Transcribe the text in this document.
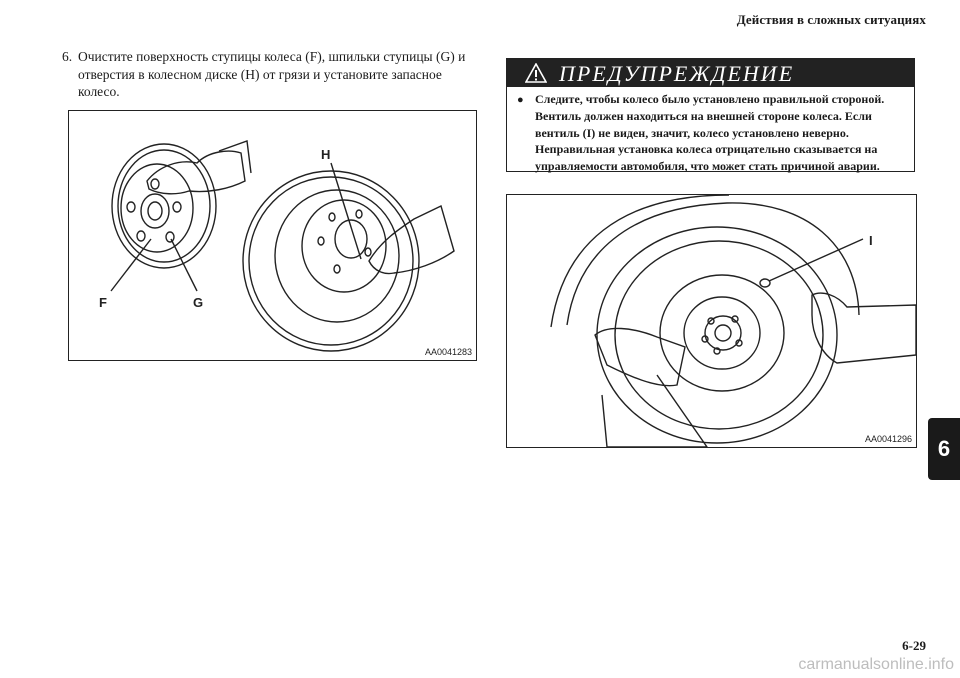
Действия в сложных ситуациях
6. Очистите поверхность ступицы колеса (F), шпильки ступицы (G) и отверстия в колесном диске (H) от грязи и установите запасное колесо.
H
F	G
AA0041283
ПРЕДУПРЕЖДЕНИЕ
● Следите, чтобы колесо было установлено правильной стороной. Вентиль должен находиться на внешней стороне колеса. Если вентиль (I) не виден, значит, колесо установлено неверно. Неправильная установка колеса отрицательно сказывается на управляемости автомобиля, что может стать причиной аварии.
I
AA0041296	6
6-29
carmanualsonline.info
